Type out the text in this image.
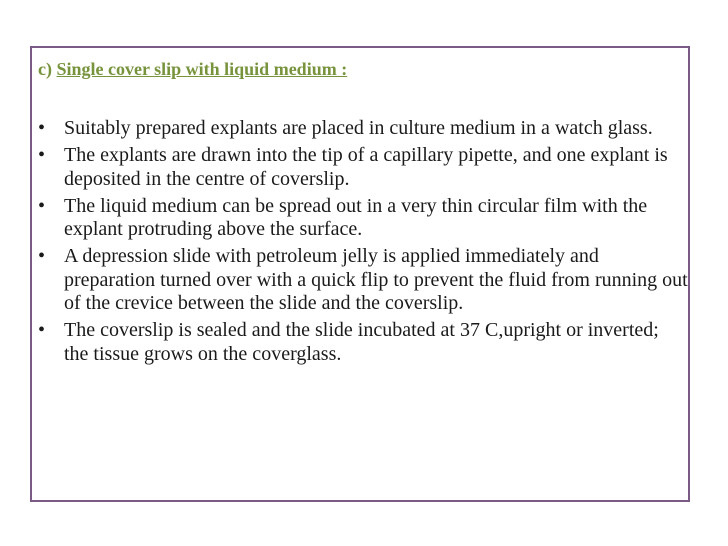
c) Single cover slip with liquid medium :
• Suitably prepared explants are placed in culture medium in a watch glass.
• The explants are drawn into the tip of a capillary pipette, and one explant is deposited in the centre of coverslip.
• The liquid medium can be spread out in a very thin circular film with the explant protruding above the surface.
• A depression slide with petroleum jelly is applied immediately and preparation turned over with a quick flip to prevent the fluid from running out of the crevice between the slide and the coverslip.
• The coverslip is sealed and the slide incubated at 37 C,upright or inverted; the tissue grows on the coverglass.
